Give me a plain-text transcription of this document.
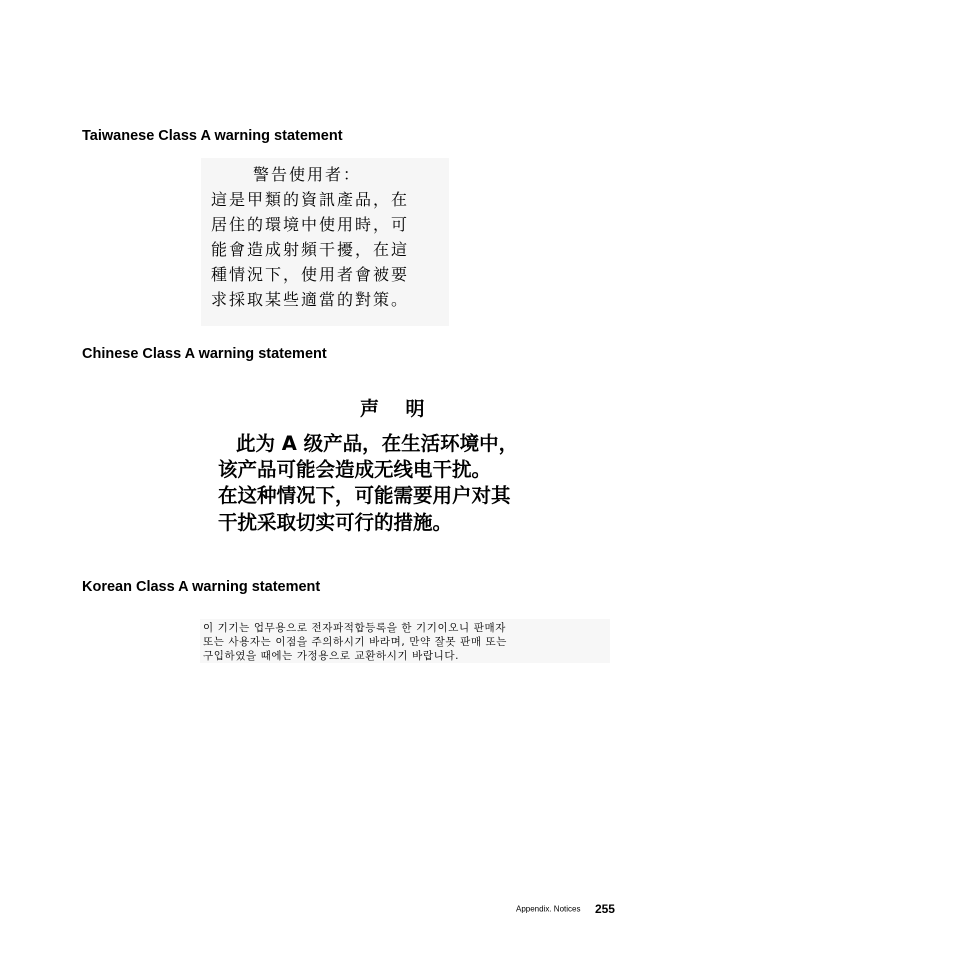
Taiwanese Class A warning statement
警告使用者：
這是甲類的資訊產品，在
居住的環境中使用時，可
能會造成射頻干擾，在這
種情況下，使用者會被要
求採取某些適當的對策。
Chinese Class A warning statement
声    明
此为 A 级产品，在生活环境中，
该产品可能会造成无线电干扰。
在这种情况下，可能需要用户对其
干扰采取切实可行的措施。
Korean Class A warning statement
이 기기는 업무용으로 전자파적합등록을 한 기기이오니 판매자
또는 사용자는 이점을 주의하시기 바라며, 만약 잘못 판매 또는
구입하였을 때에는 가정용으로 교환하시기 바랍니다.
Appendix. Notices 255
